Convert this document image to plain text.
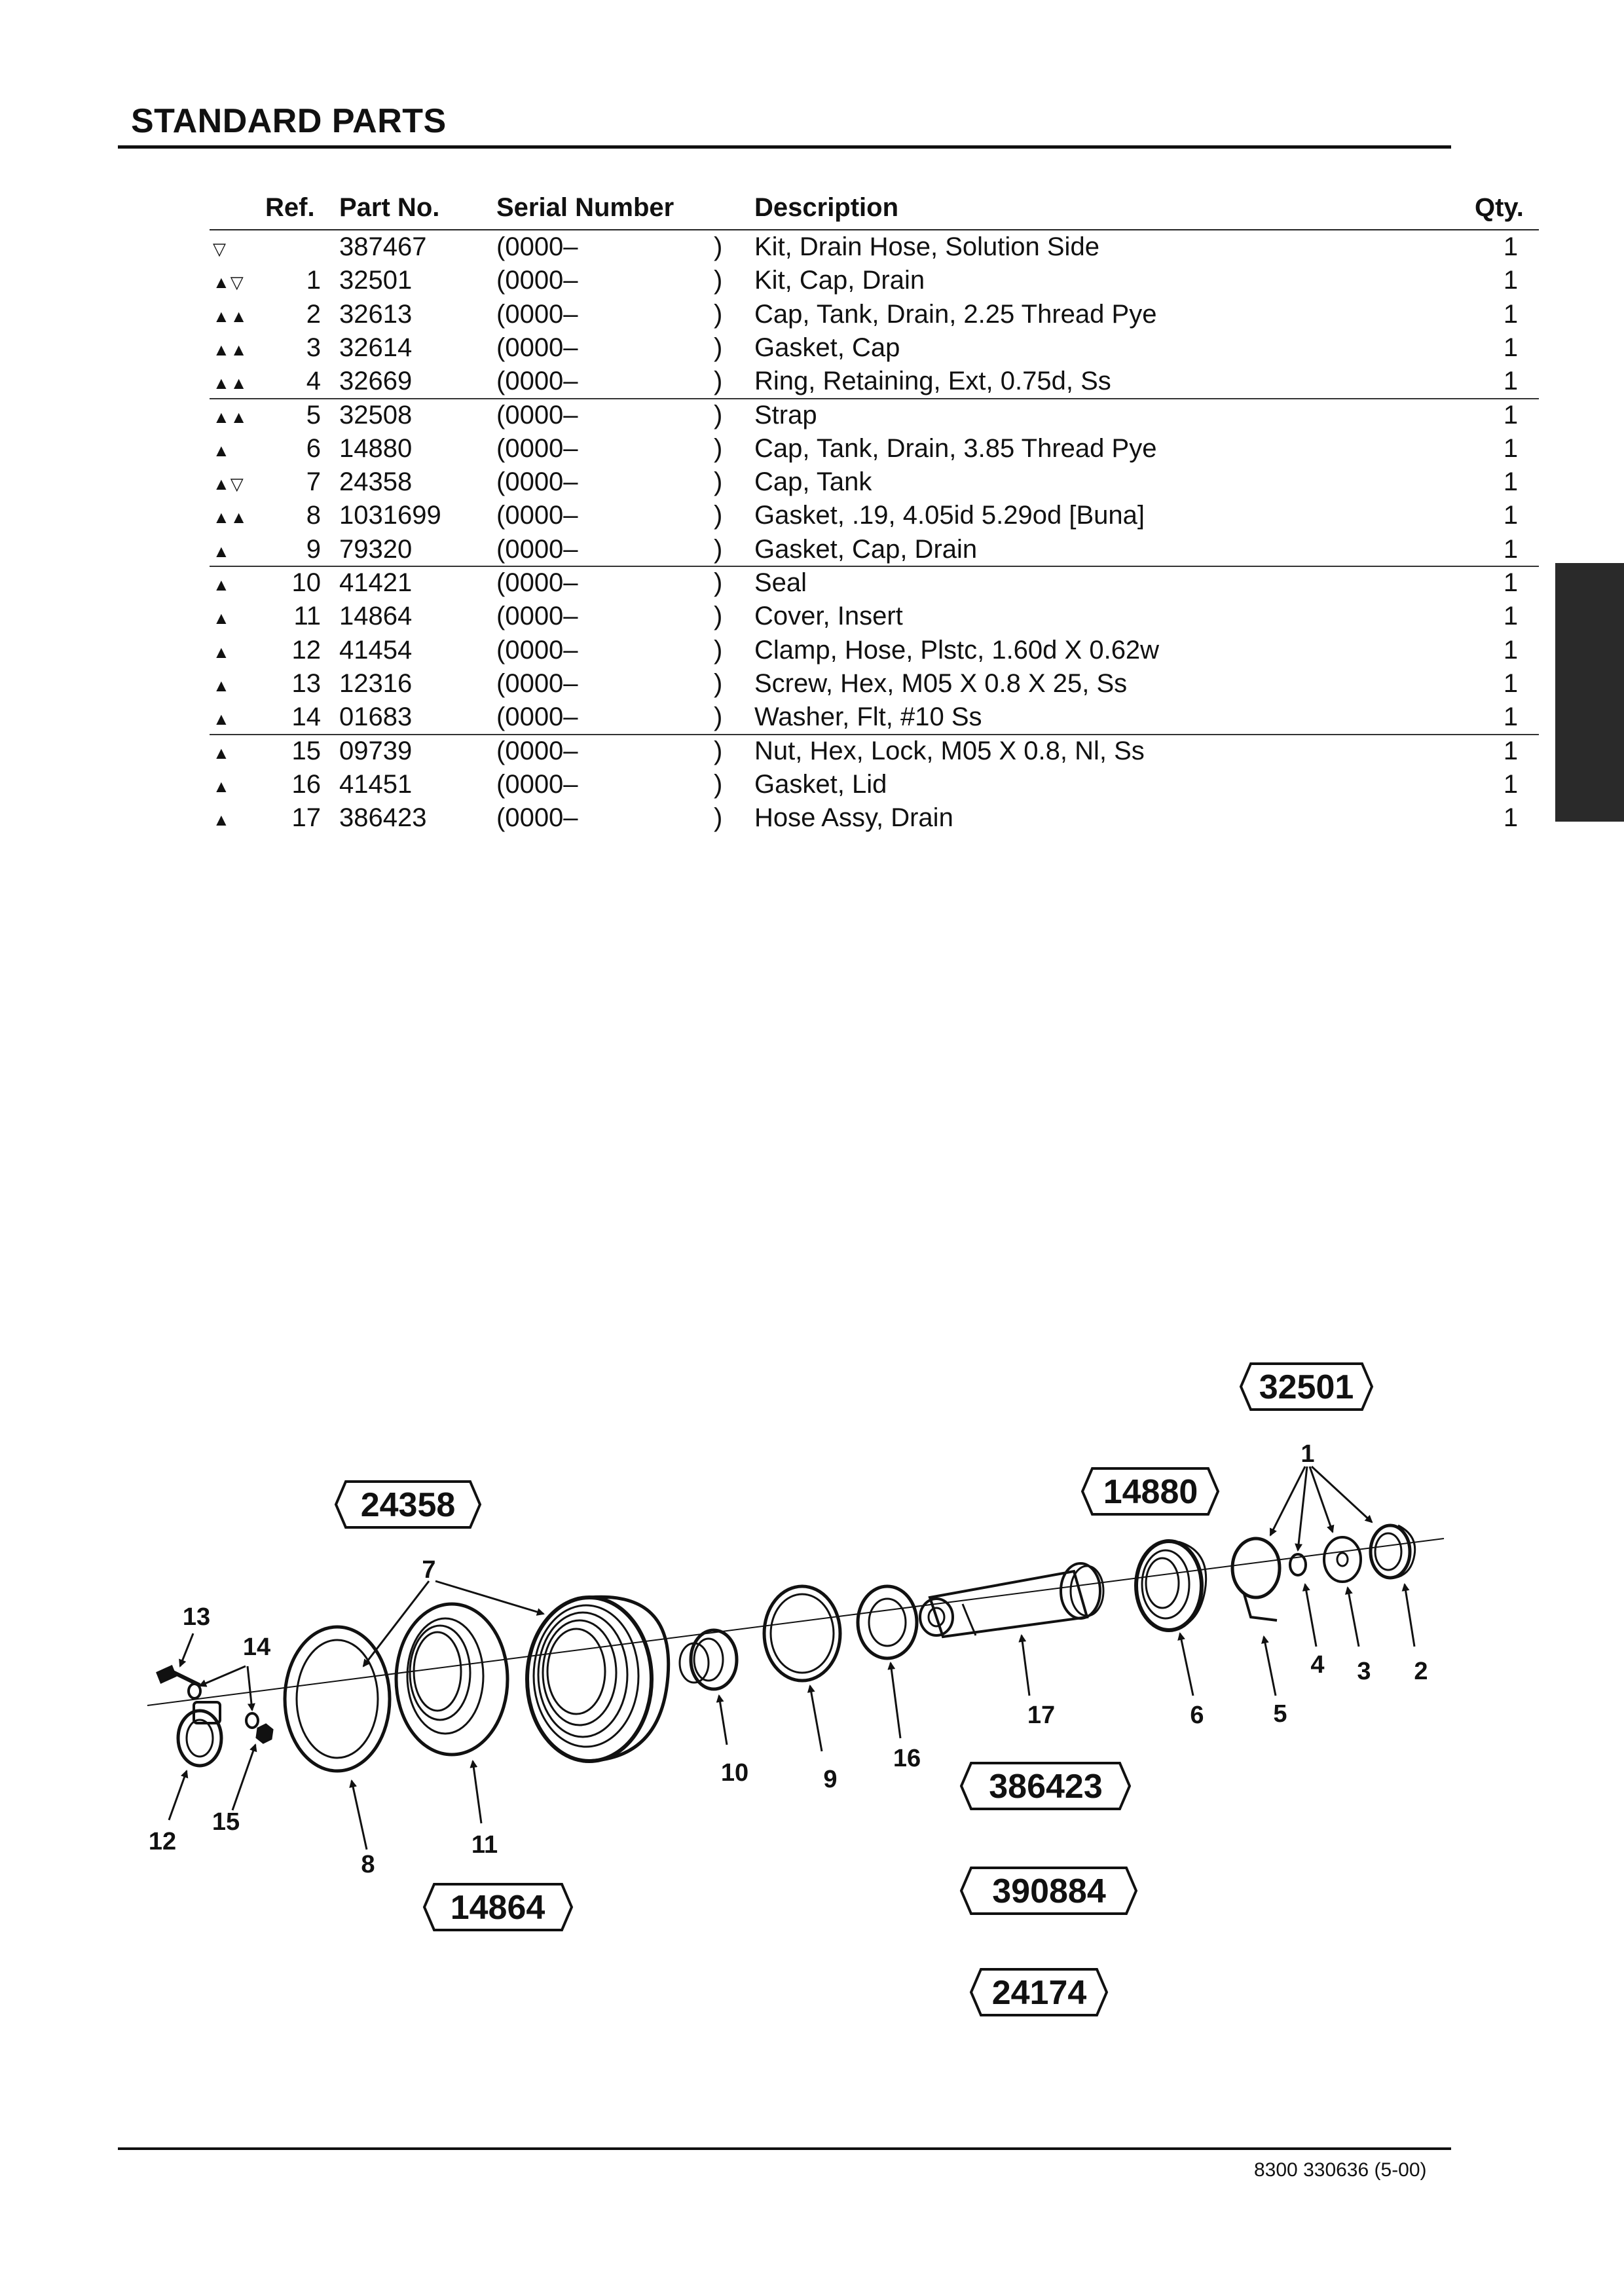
STANDARD PARTS
Ref. Part No. Serial Number	Description	Qty.
▽	387467	(0000–	) Kit, Drain Hose, Solution Side	1
▲▽	1 32501	(0000–	) Kit, Cap, Drain	1
▲▲	2 32613	(0000–	) Cap, Tank, Drain, 2.25 Thread Pye	1
▲▲	3 32614	(0000–	) Gasket, Cap	1
▲▲	4 32669	(0000–	) Ring, Retaining, Ext, 0.75d, Ss	1
▲▲	5 32508	(0000–	) Strap	1
▲	6 14880	(0000–	) Cap, Tank, Drain, 3.85 Thread Pye	1
▲▽	7 24358	(0000–	) Cap, Tank	1
▲▲	8 1031699 (0000–	) Gasket, .19, 4.05id 5.29od [Buna]	1
▲	9 79320	(0000–	) Gasket, Cap, Drain	1
▲	10 41421	(0000–	) Seal	1
▲	11 14864	(0000–	) Cover, Insert	1
▲	12 41454	(0000–	) Clamp, Hose, Plstc, 1.60d X 0.62w	1
▲	13 12316	(0000–	) Screw, Hex, M05 X 0.8 X 25, Ss	1
▲	14 01683	(0000–	) Washer, Flt, #10 Ss	1
▲	15 09739	(0000–	) Nut, Hex, Lock, M05 X 0.8, Nl, Ss	1
▲	16 41451	(0000–	) Gasket, Lid	1
▲	17 386423	(0000–	) Hose Assy, Drain	1
1
2
3
4
5
6
7
8
9
10
11
12
13
14
15
16
17
32501
24358	14880
386423
390884
24174
14864
8300 330636 (5-00)
